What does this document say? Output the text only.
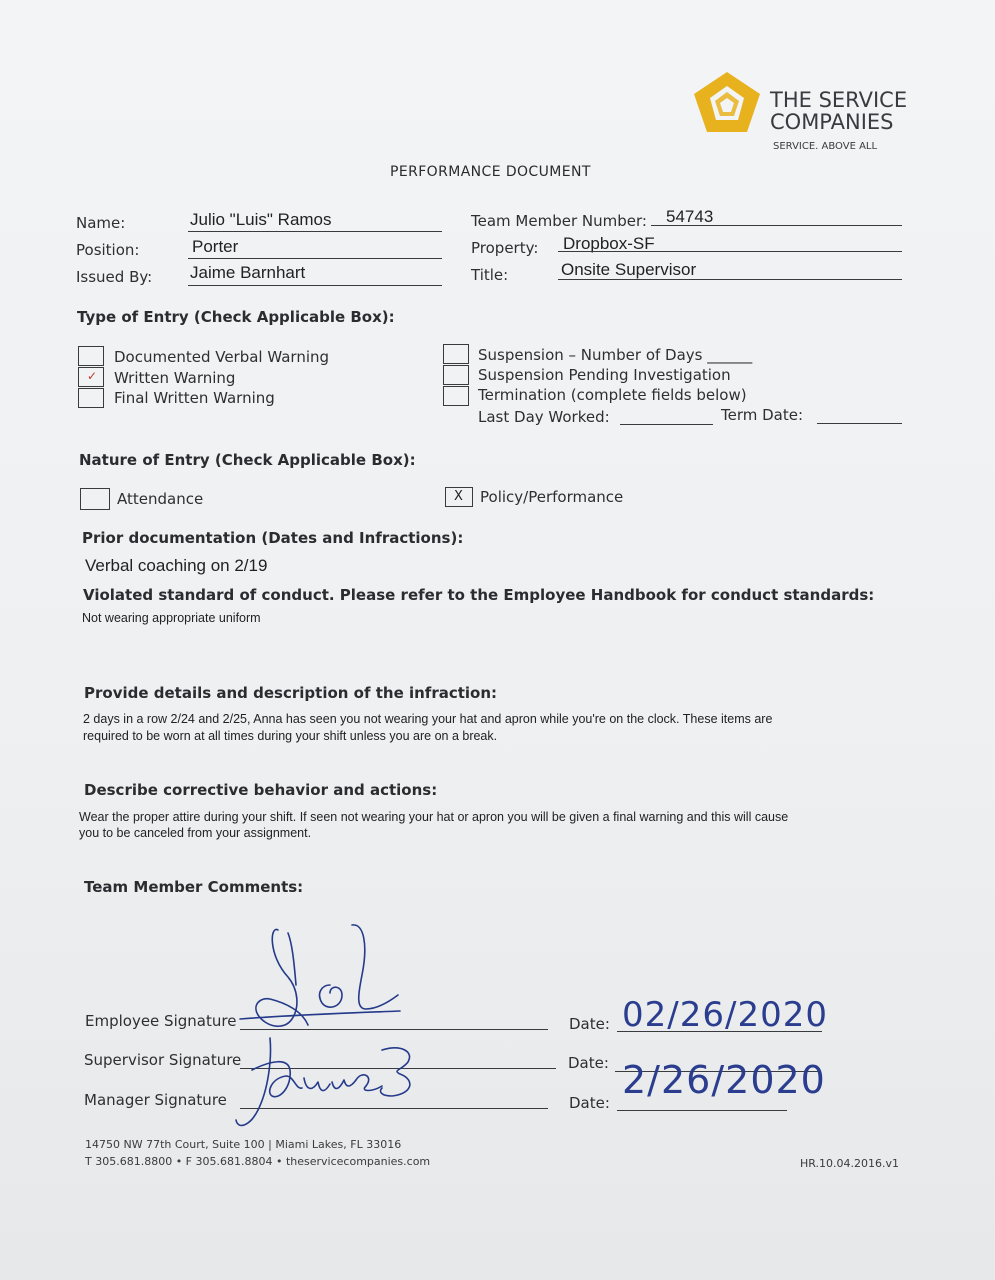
THE SERVICE
COMPANIES
SERVICE. ABOVE ALL
PERFORMANCE DOCUMENT
Name:	Julio "Luis" Ramos
Position:	Porter
Issued By: Jaime Barnhart
Team Member Number: 54743
Property: Dropbox-SF
Title:	Onsite Supervisor
Type of Entry (Check Applicable Box):
Documented Verbal Warning
✓ Written Warning
Final Written Warning
Suspension – Number of Days ______
Suspension Pending Investigation
Termination (complete fields below)
Last Day Worked:	Term Date:
Nature of Entry (Check Applicable Box):
Attendance	X Policy/Performance
Prior documentation (Dates and Infractions):
Verbal coaching on 2/19
Violated standard of conduct. Please refer to the Employee Handbook for conduct standards:
Not wearing appropriate uniform
Provide details and description of the infraction:
2 days in a row 2/24 and 2/25, Anna has seen you not wearing your hat and apron while you're on the clock. These items are
required to be worn at all times during your shift unless you are on a break.
Describe corrective behavior and actions:
Wear the proper attire during your shift. If seen not wearing your hat or apron you will be given a final warning and this will cause
you to be canceled from your assignment.
Team Member Comments:
Employee Signature	Date: 02/26/2020
Supervisor Signature	Date: 2/26/2020
Manager Signature	Date:
14750 NW 77th Court, Suite 100 | Miami Lakes, FL 33016
T 305.681.8800 • F 305.681.8804 • theservicecompanies.com	HR.10.04.2016.v1
